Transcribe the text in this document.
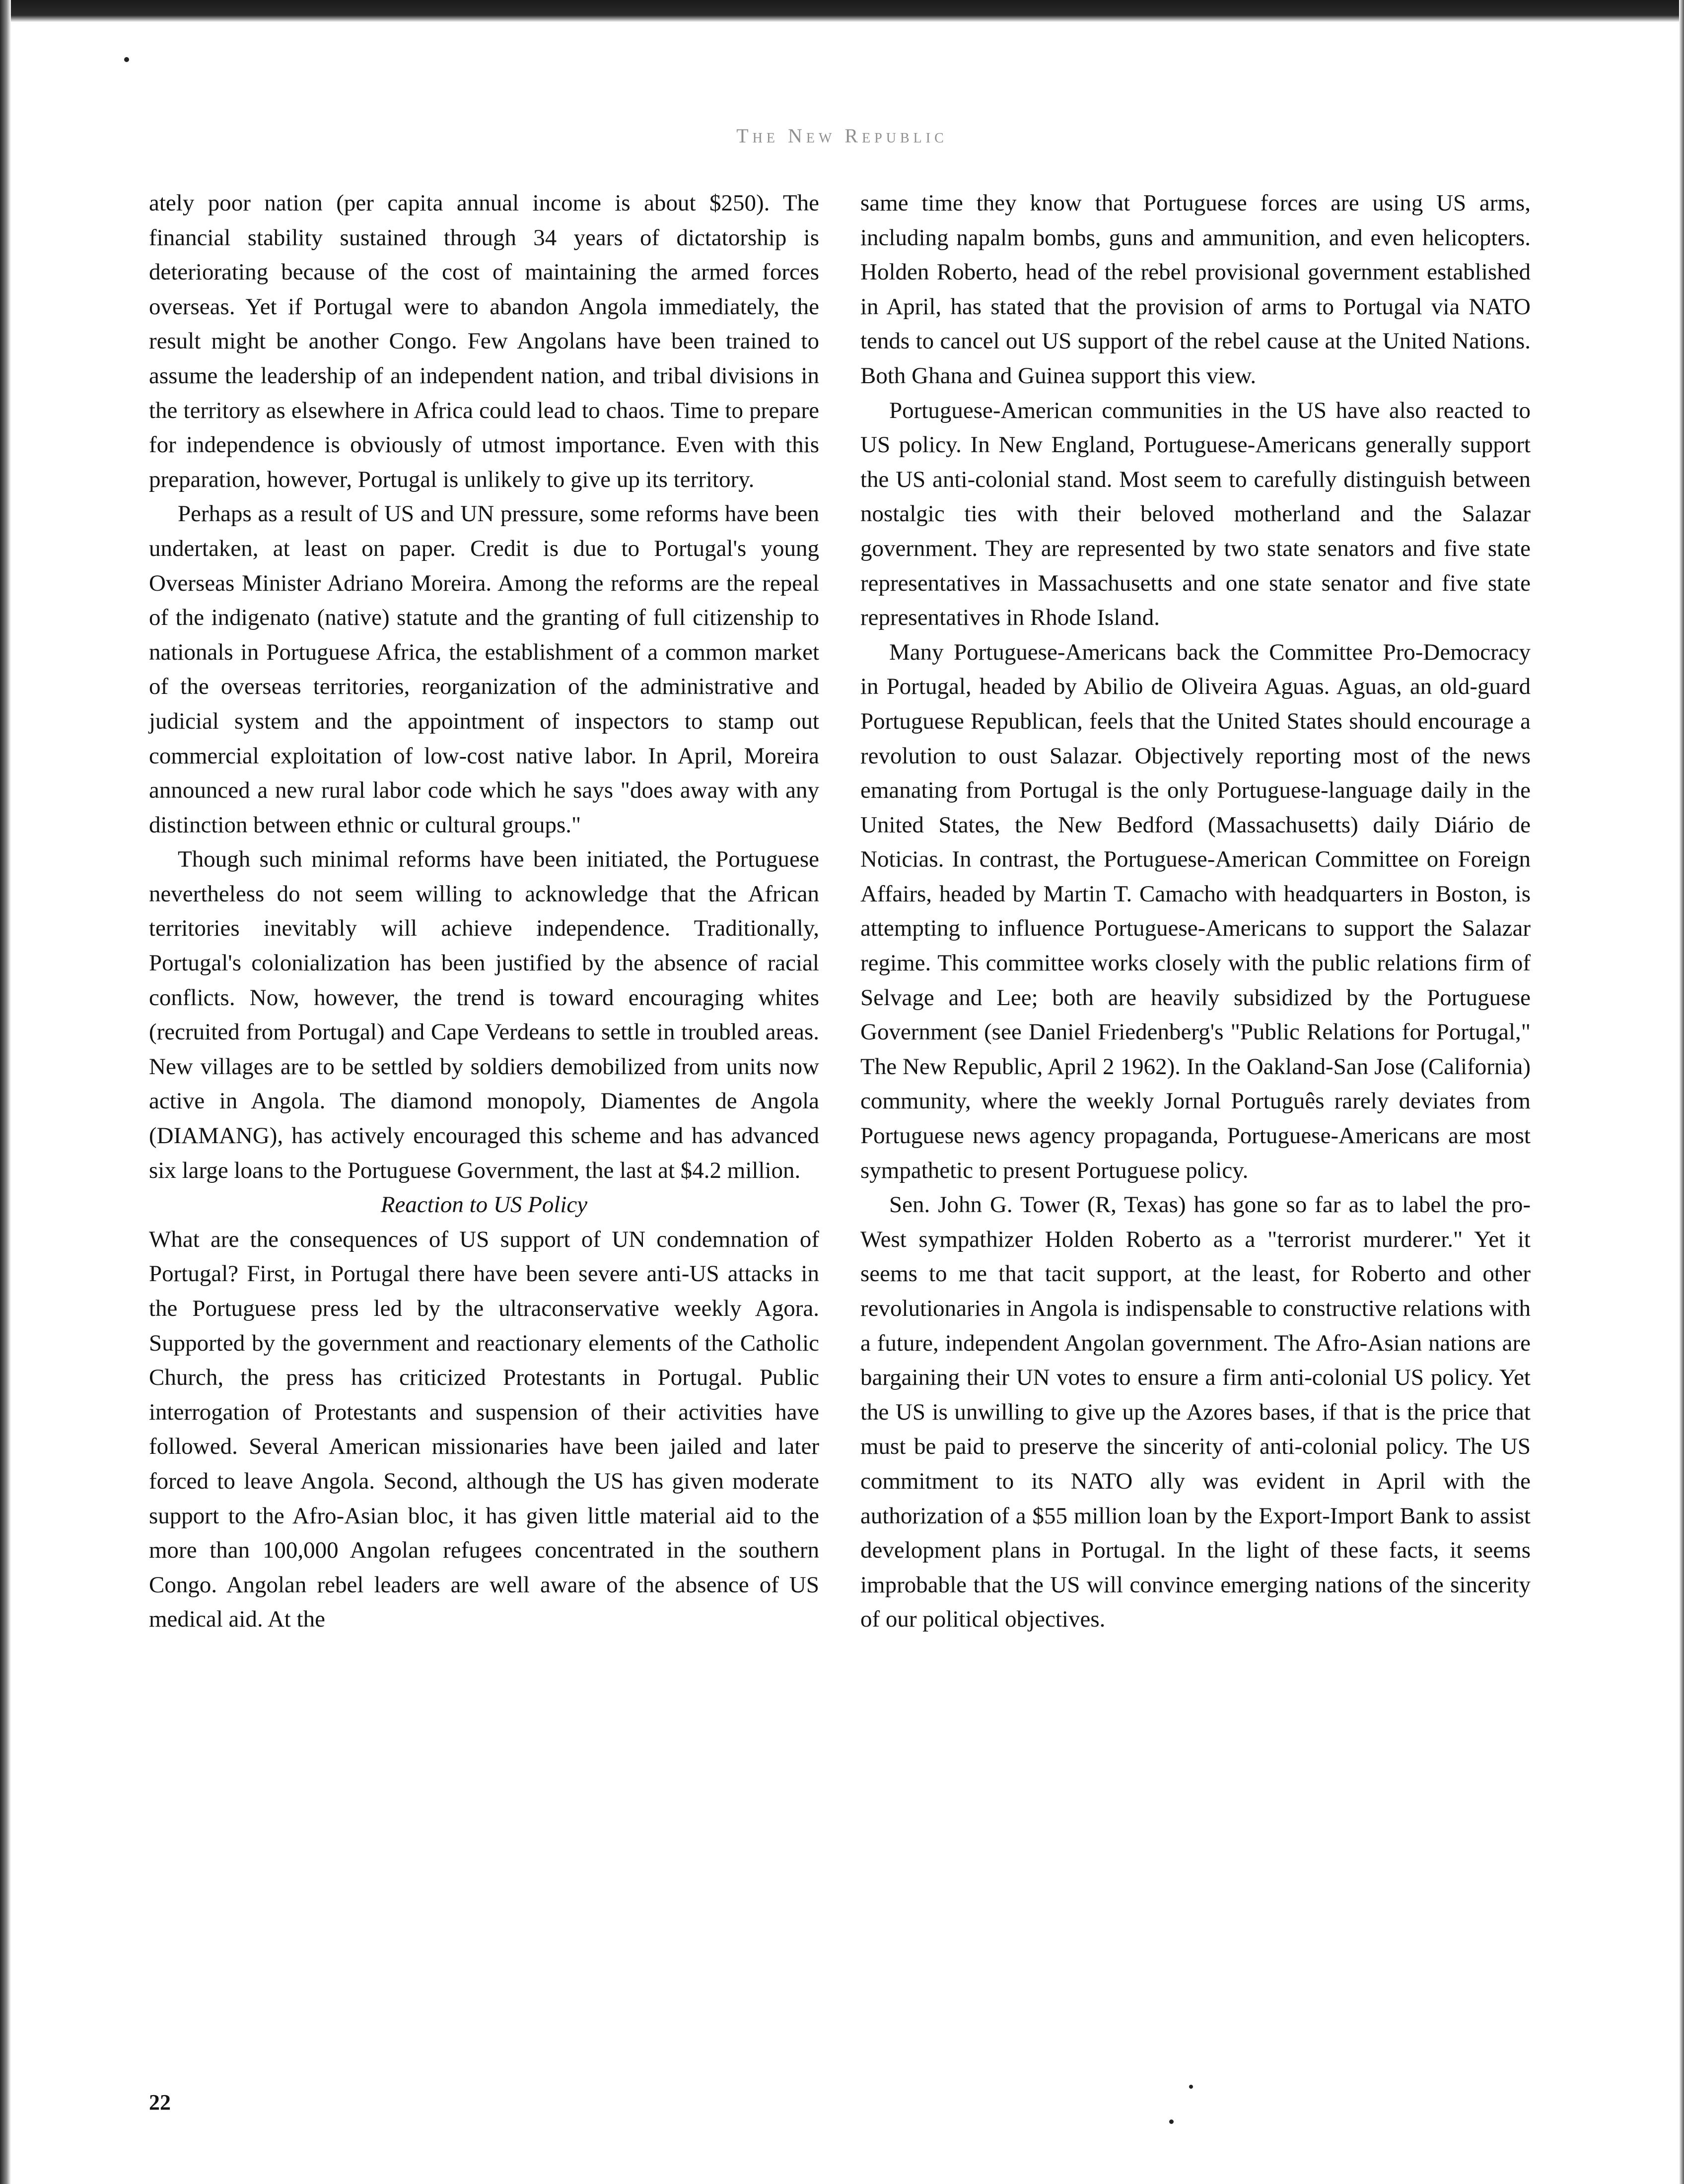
The New Republic

ately poor nation (per capita annual income is about $250). The financial stability sustained through 34 years of dictatorship is deteriorating because of the cost of maintaining the armed forces overseas. Yet if Portugal were to abandon Angola immediately, the result might be another Congo. Few Angolans have been trained to assume the leadership of an independent nation, and tribal divisions in the territory as elsewhere in Africa could lead to chaos. Time to prepare for independence is obviously of utmost importance. Even with this preparation, however, Portugal is unlikely to give up its territory.

Perhaps as a result of US and UN pressure, some reforms have been undertaken, at least on paper. Credit is due to Portugal's young Overseas Minister Adriano Moreira. Among the reforms are the repeal of the indigenato (native) statute and the granting of full citizenship to nationals in Portuguese Africa, the establishment of a common market of the overseas territories, reorganization of the administrative and judicial system and the appointment of inspectors to stamp out commercial exploitation of low-cost native labor. In April, Moreira announced a new rural labor code which he says "does away with any distinction between ethnic or cultural groups."

Though such minimal reforms have been initiated, the Portuguese nevertheless do not seem willing to acknowledge that the African territories inevitably will achieve independence. Traditionally, Portugal's colonialization has been justified by the absence of racial conflicts. Now, however, the trend is toward encouraging whites (recruited from Portugal) and Cape Verdeans to settle in troubled areas. New villages are to be settled by soldiers demobilized from units now active in Angola. The diamond monopoly, Diamentes de Angola (DIAMANG), has actively encouraged this scheme and has advanced six large loans to the Portuguese Government, the last at $4.2 million.

Reaction to US Policy

What are the consequences of US support of UN condemnation of Portugal? First, in Portugal there have been severe anti-US attacks in the Portuguese press led by the ultraconservative weekly Agora. Supported by the government and reactionary elements of the Catholic Church, the press has criticized Protestants in Portugal. Public interrogation of Protestants and suspension of their activities have followed. Several American missionaries have been jailed and later forced to leave Angola. Second, although the US has given moderate support to the Afro-Asian bloc, it has given little material aid to the more than 100,000 Angolan refugees concentrated in the southern Congo. Angolan rebel leaders are well aware of the absence of US medical aid. At the

same time they know that Portuguese forces are using US arms, including napalm bombs, guns and ammunition, and even helicopters. Holden Roberto, head of the rebel provisional government established in April, has stated that the provision of arms to Portugal via NATO tends to cancel out US support of the rebel cause at the United Nations. Both Ghana and Guinea support this view.

Portuguese-American communities in the US have also reacted to US policy. In New England, Portuguese-Americans generally support the US anti-colonial stand. Most seem to carefully distinguish between nostalgic ties with their beloved motherland and the Salazar government. They are represented by two state senators and five state representatives in Massachusetts and one state senator and five state representatives in Rhode Island.

Many Portuguese-Americans back the Committee Pro-Democracy in Portugal, headed by Abilio de Oliveira Aguas. Aguas, an old-guard Portuguese Republican, feels that the United States should encourage a revolution to oust Salazar. Objectively reporting most of the news emanating from Portugal is the only Portuguese-language daily in the United States, the New Bedford (Massachusetts) daily Diário de Noticias. In contrast, the Portuguese-American Committee on Foreign Affairs, headed by Martin T. Camacho with headquarters in Boston, is attempting to influence Portuguese-Americans to support the Salazar regime. This committee works closely with the public relations firm of Selvage and Lee; both are heavily subsidized by the Portuguese Government (see Daniel Friedenberg's "Public Relations for Portugal," The New Republic, April 2 1962). In the Oakland-San Jose (California) community, where the weekly Jornal Português rarely deviates from Portuguese news agency propaganda, Portuguese-Americans are most sympathetic to present Portuguese policy.

Sen. John G. Tower (R, Texas) has gone so far as to label the pro-West sympathizer Holden Roberto as a "terrorist murderer." Yet it seems to me that tacit support, at the least, for Roberto and other revolutionaries in Angola is indispensable to constructive relations with a future, independent Angolan government. The Afro-Asian nations are bargaining their UN votes to ensure a firm anti-colonial US policy. Yet the US is unwilling to give up the Azores bases, if that is the price that must be paid to preserve the sincerity of anti-colonial policy. The US commitment to its NATO ally was evident in April with the authorization of a $55 million loan by the Export-Import Bank to assist development plans in Portugal. In the light of these facts, it seems improbable that the US will convince emerging nations of the sincerity of our political objectives.

22
